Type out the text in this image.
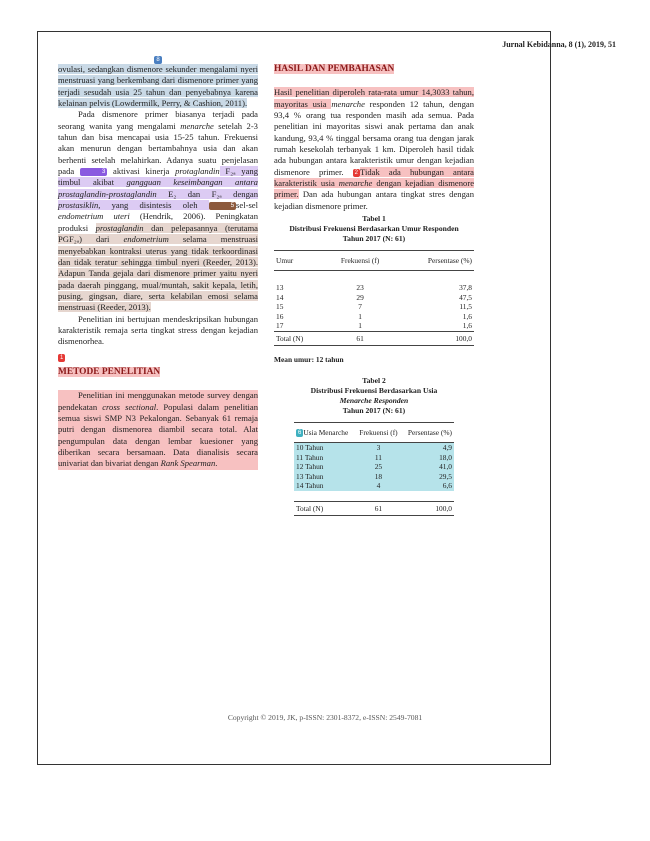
Jurnal Kebidanna, 8 (1), 2019, 51
8

ovulasi, sedangkan dismenore sekunder mengalami nyeri menstruasi yang berkembang dari dismenore primer yang terjadi sesudah usia 25 tahun dan penyebabnya karena kelainan pelvis (Lowdermilk, Perry, & Cashion, 2011).

Pada dismenore primer biasanya terjadi pada seorang wanita yang mengalami menarche setelah 2-3 tahun dan bisa mencapai usia 15-25 tahun. Frekuensi akan menurun dengan bertambahnya usia dan akan berhenti setelah melahirkan. Adanya suatu penjelasan pada	3 aktivasi kinerja protaglandin F₂ₐ yang timbul akibat gangguan keseimbangan antara prostaglandin-prostaglandin E₂ dan F₂ₐ dengan prostasiklin, yang disintesis oleh	5 sel-sel endometrium uteri (Hendrik, 2006). Peningkatan produksi prostaglandin dan pelepasannya (terutama PGF₂ₐ) dari endometrium selama menstruasi menyebabkan kontraksi uterus yang tidak terkoordinasi dan tidak teratur sehingga timbul nyeri (Reeder, 2013). Adapun Tanda gejala dari dismenore primer yaitu nyeri pada daerah pinggang, mual/muntah, sakit kepala, letih, pusing, gingsan, diare, serta kelabilan emosi selama menstruasi (Reeder, 2013).

Penelitian ini bertujuan mendeskripsikan hubungan karakteristik remaja serta tingkat stress dengan kejadian dismenorhea.

1
METODE PENELITIAN

Penelitian ini menggunakan metode survey dengan pendekatan cross sectional. Populasi dalam penelitian semua siswi SMP N3 Pekalongan. Sebanyak 61 remaja putri dengan dismenorea diambil secara total. Alat pengumpulan data dengan lembar kuesioner yang diberikan secara bersamaan. Data dianalisis secara univariat dan bivariat dengan Rank Spearman.

HASIL DAN PEMBAHASAN

Hasil penelitian diperoleh rata-rata umur 14,3033 tahun, mayoritas usia menarche responden 12 tahun, dengan 93,4 % orang tua responden masih ada semua. Pada penelitian ini mayoritas siswi anak pertama dan anak kandung, 93,4 % tinggal bersama orang tua dengan jarak rumah kesekolah terbanyak 1 km. Diperoleh hasil tidak ada hubungan antara karakteristik umur dengan kejadian dismenore primer. 2 Tidak ada hubungan antara karakteristik usia menarche dengan kejadian dismenore primer. Dan ada hubungan antara tingkat stres dengan kejadian dismenore primer.

Tabel 1
Distribusi Frekuensi Berdasarkan Umur Responden
Tahun 2017 (N: 61)
Umur	Frekuensi (f)	Persentase (%)

13	23	37,8
14	29	47,5
15	7	11,5
16	1	1,6
17	1	1,6
Total (N)	61	100,0
Mean umur: 12 tahun
Tabel 2
Distribusi Frekuensi Berdasarkan Usia
Menarche Responden
Tahun 2017 (N: 61)
6 Usia Menarche	Frekuensi (f)	Persentase (%)
10 Tahun	3	4,9
11 Tahun	11	18,0
12 Tahun	25	41,0
13 Tahun	18	29,5
14 Tahun	4	6,6

Total (N)	61	100,0
Copyright © 2019, JK, p-ISSN: 2301-8372, e-ISSN: 2549-7081
